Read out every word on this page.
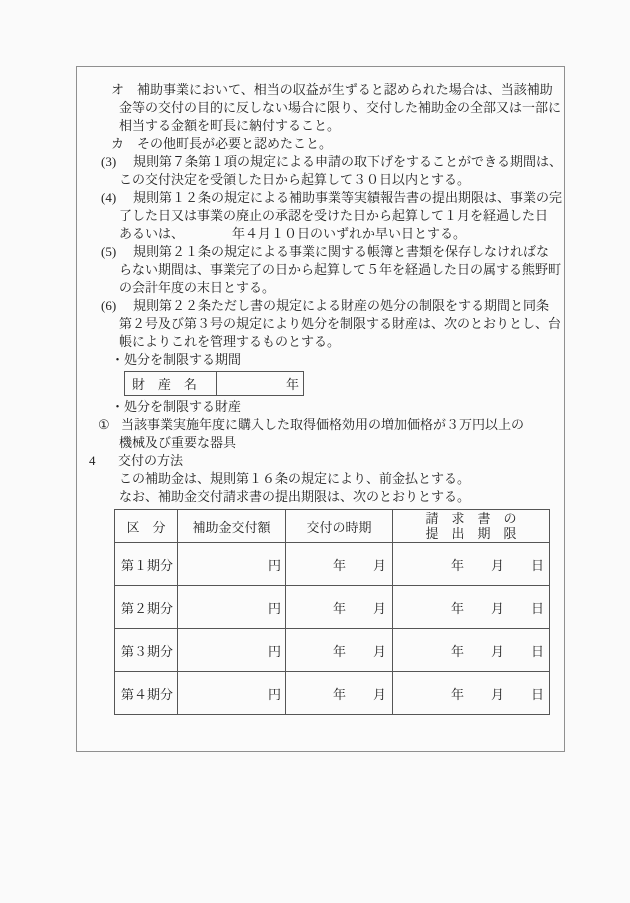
オ 補助事業において、相当の収益が生ずると認められた場合は、当該補助
金等の交付の目的に反しない場合に限り、交付した補助金の全部又は一部に
相当する金額を町長に納付すること。
カ その他町長が必要と認めたこと。
(3) 規則第７条第１項の規定による申請の取下げをすることができる期間は、
この交付決定を受領した日から起算して３０日以内とする。
(4) 規則第１２条の規定による補助事業等実績報告書の提出期限は、事業の完
了した日又は事業の廃止の承認を受けた日から起算して１月を経過した日
あるいは、	年４月１０日のいずれか早い日とする。
(5) 規則第２１条の規定による事業に関する帳簿と書類を保存しなければな
らない期間は、事業完了の日から起算して５年を経過した日の属する熊野町
の会計年度の末日とする。
(6) 規則第２２条ただし書の規定による財産の処分の制限をする期間と同条
第２号及び第３号の規定により処分を制限する財産は、次のとおりとし、台
帳によりこれを管理するものとする。
・処分を制限する期間
財　産　名	年
・処分を制限する財産
① 当該事業実施年度に購入した取得価格効用の増加価格が３万円以上の
機械及び重要な器具
4 交付の方法
この補助金は、規則第１６条の規定により、前金払とする。
なお、補助金交付請求書の提出期限は、次のとおりとする。
区　分	補助金交付額	交付の時期	請　求　書　の
提　出　期　限

第１期分	円	年 月	年 月 日

第２期分	円	年 月	年 月 日

第３期分	円	年 月	年 月 日

第４期分	円	年 月	年 月 日
